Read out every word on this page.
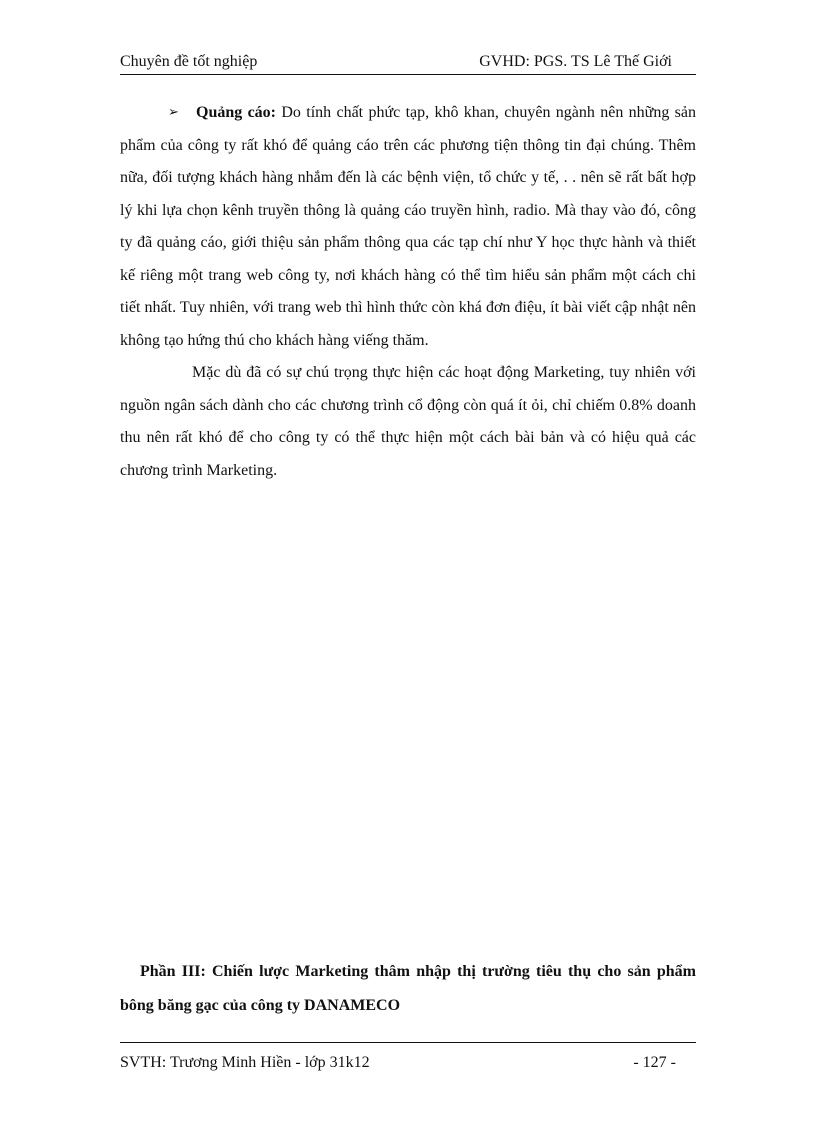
Chuyên đề tốt nghiệp	GVHD: PGS. TS Lê Thế Giới

➢ Quảng cáo: Do tính chất phức tạp, khô khan, chuyên ngành nên những sản phẩm của công ty rất khó để quảng cáo trên các phương tiện thông tin đại chúng. Thêm nữa, đối tượng khách hàng nhắm đến là các bệnh viện, tổ chức y tế, . . nên sẽ rất bất hợp lý khi lựa chọn kênh truyền thông là quảng cáo truyền hình, radio. Mà thay vào đó, công ty đã quảng cáo, giới thiệu sản phẩm thông qua các tạp chí như Y học thực hành và thiết kế riêng một trang web công ty, nơi khách hàng có thể tìm hiểu sản phẩm một cách chi tiết nhất. Tuy nhiên, với trang web thì hình thức còn khá đơn điệu, ít bài viết cập nhật nên không tạo hứng thú cho khách hàng viếng thăm.

Mặc dù đã có sự chú trọng thực hiện các hoạt động Marketing, tuy nhiên với nguồn ngân sách dành cho các chương trình cổ động còn quá ít ỏi, chỉ chiếm 0.8% doanh thu nên rất khó để cho công ty có thể thực hiện một cách bài bản và có hiệu quả các chương trình Marketing.

Phần III: Chiến lược Marketing thâm nhập thị trường tiêu thụ cho sản phẩm bông băng gạc của công ty DANAMECO
SVTH: Trương Minh Hiền - lớp 31k12	- 127 -
